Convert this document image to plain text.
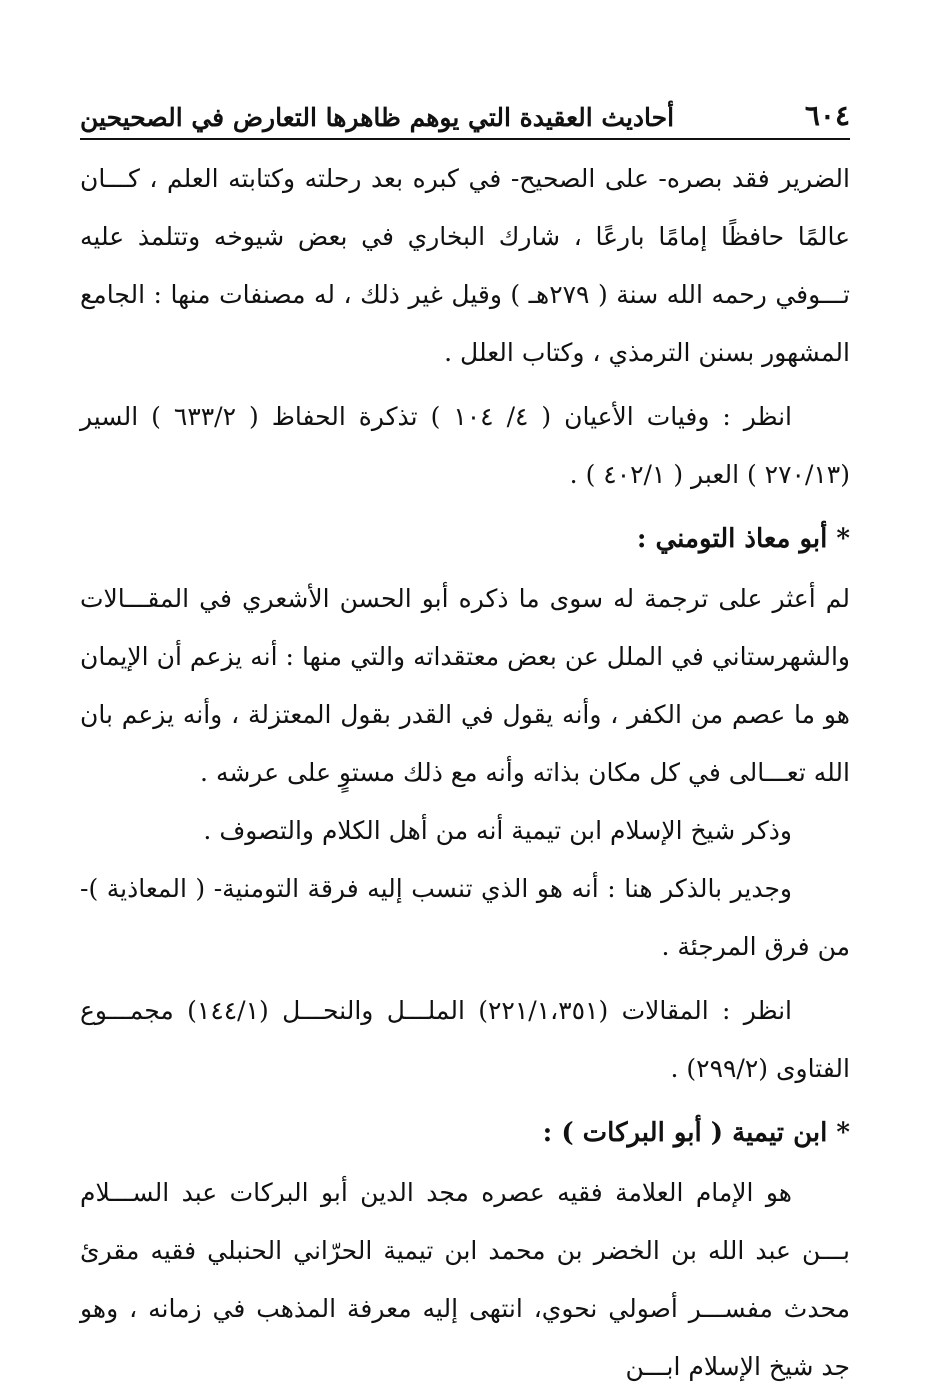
٦٠٤
أحاديث العقيدة التي يوهم ظاهرها التعارض في الصحيحين

الضرير فقد بصره- على الصحيح- في كبره بعد رحلته وكتابته العلم ، كـــان عالمًا حافظًا إمامًا بارعًا ، شارك البخاري في بعض شيوخه وتتلمذ عليه تـــوفي رحمه الله سنة ( ٢٧٩هـ ) وقيل غير ذلك ، له مصنفات منها : الجامع المشهور بسنن الترمذي ، وكتاب العلل .

انظر : وفيات الأعيان ( ٤/ ١٠٤ ) تذكرة الحفاظ ( ٦٣٣/٢ ) السير (٢٧٠/١٣ ) العبر ( ٤٠٢/١ ) .

* أبو معاذ التومني :

لم أعثر على ترجمة له سوى ما ذكره أبو الحسن الأشعري في المقـــالات والشهرستاني في الملل عن بعض معتقداته والتي منها : أنه يزعم أن الإيمان هو ما عصم من الكفر ، وأنه يقول في القدر بقول المعتزلة ، وأنه يزعم بان الله تعـــالى في كل مكان بذاته وأنه مع ذلك مستوٍ على عرشه .

وذكر شيخ الإسلام ابن تيمية أنه من أهل الكلام والتصوف .

وجدير بالذكر هنا : أنه هو الذي تنسب إليه فرقة التومنية- ( المعاذية )- من فرق المرجئة .

انظر : المقالات (٢٢١/١،٣٥١) الملـــل والنحـــل (١٤٤/١) مجمـــوع الفتاوى (٢٩٩/٢) .

* ابن تيمية ( أبو البركات ) :

هو الإمام العلامة فقيه عصره مجد الدين أبو البركات عبد الســـلام بـــن عبد الله بن الخضر بن محمد ابن تيمية الحرّاني الحنبلي فقيه مقرئ محدث مفســـر أصولي نحوي، انتهى إليه معرفة المذهب في زمانه ، وهو جد شيخ الإسلام ابـــن
